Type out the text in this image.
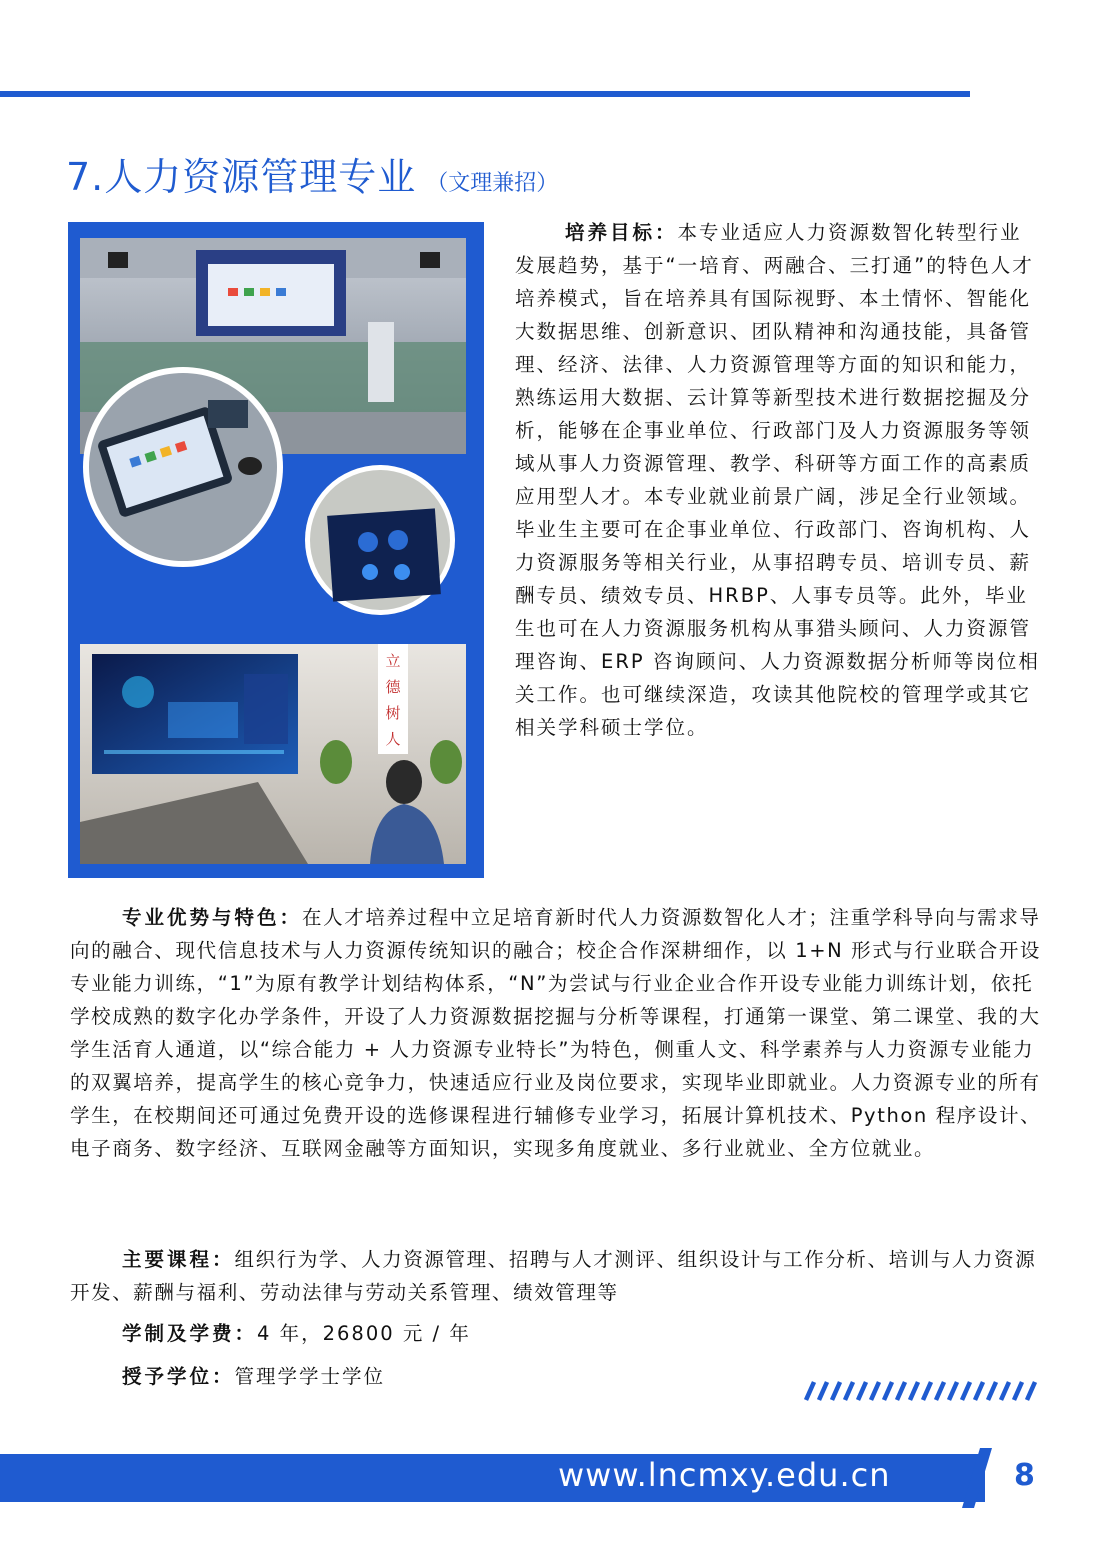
7.人力资源管理专业 （文理兼招）
立
德
树
人

培养目标：本专业适应人力资源数智化转型行业发展趋势，基于“一培育、两融合、三打通”的特色人才培养模式，旨在培养具有国际视野、本土情怀、智能化大数据思维、创新意识、团队精神和沟通技能，具备管理、经济、法律、人力资源管理等方面的知识和能力，熟练运用大数据、云计算等新型技术进行数据挖掘及分析，能够在企事业单位、行政部门及人力资源服务等领域从事人力资源管理、教学、科研等方面工作的高素质应用型人才。本专业就业前景广阔，涉足全行业领域。毕业生主要可在企事业单位、行政部门、咨询机构、人力资源服务等相关行业，从事招聘专员、培训专员、薪酬专员、绩效专员、HRBP、人事专员等。此外，毕业生也可在人力资源服务机构从事猎头顾问、人力资源管理咨询、ERP 咨询顾问、人力资源数据分析师等岗位相关工作。也可继续深造，攻读其他院校的管理学或其它相关学科硕士学位。

专业优势与特色：在人才培养过程中立足培育新时代人力资源数智化人才；注重学科导向与需求导向的融合、现代信息技术与人力资源传统知识的融合；校企合作深耕细作，以 1+N 形式与行业联合开设专业能力训练，“1”为原有教学计划结构体系，“N”为尝试与行业企业合作开设专业能力训练计划，依托学校成熟的数字化办学条件，开设了人力资源数据挖掘与分析等课程，打通第一课堂、第二课堂、我的大学生活育人通道，以“综合能力 + 人力资源专业特长”为特色，侧重人文、科学素养与人力资源专业能力的双翼培养，提高学生的核心竞争力，快速适应行业及岗位要求，实现毕业即就业。人力资源专业的所有学生，在校期间还可通过免费开设的选修课程进行辅修专业学习，拓展计算机技术、Python 程序设计、电子商务、数字经济、互联网金融等方面知识，实现多角度就业、多行业就业、全方位就业。

主要课程：组织行为学、人力资源管理、招聘与人才测评、组织设计与工作分析、培训与人力资源开发、薪酬与福利、劳动法律与劳动关系管理、绩效管理等

学制及学费：4 年，26800 元 / 年

授予学位：管理学学士学位

www.lncmxy.edu.cn	8
